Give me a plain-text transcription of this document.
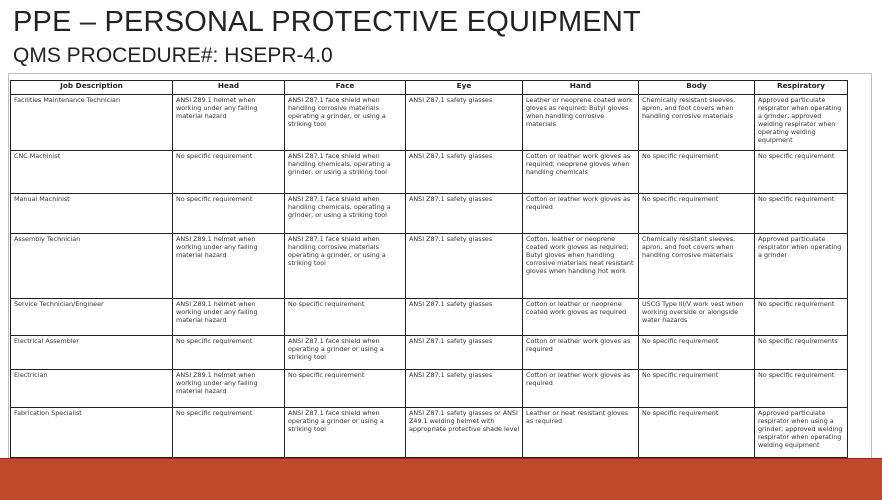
PPE – PERSONAL PROTECTIVE EQUIPMENT
QMS PROCEDURE#: HSEPR-4.0
Job Description	Head	Face	Eye	Hand	Body	Respiratory
Facilities Maintenance Technician	ANSI Z89.1 helmet when working under any falling material hazard	ANSI Z87.1 face shield when handling corrosive materials operating a grinder, or using a striking tool	ANSI Z87.1 safety glasses	Leather or neoprene coated work gloves as required; Butyl gloves when handling corrosive materials	Chemically resistant sleeves, apron, and foot covers when handling corrosive materials	Approved particulate respirator when operating a grinder; approved welding respirator when operating welding equipment
CNC Machinist	No specific requirement	ANSI Z87.1 face shield when handling chemicals, operating a grinder, or using a striking tool	ANSI Z87.1 safety glasses	Cotton or leather work gloves as required; neoprene gloves when handling chemicals	No specific requirement	No specific requirement
Manual Machinist	No specific requirement	ANSI Z87.1 face shield when handling chemicals, operating a grinder, or using a striking tool	ANSI Z87.1 safety glasses	Cotton or leather work gloves as required	No specific requirement	No specific requirement
Assembly Technician	ANSI Z89.1 helmet when working under any falling material hazard	ANSI Z87.1 face shield when handling corrosive materials operating a grinder, or using a striking tool	ANSI Z87.1 safety glasses	Cotton, leather or neoprene coated work gloves as required; Butyl gloves when handling corrosive materials heat resistant gloves when handling hot work	Chemically resistant sleeves, apron, and foot covers when handling corrosive materials	Approved particulate respirator when operating a grinder
Service Technician/Engineer	ANSI Z89.1 helmet when working under any falling material hazard	No specific requirement	ANSI Z87.1 safety glasses	Cotton or leather or neoprene coated work gloves as required	USCG Type III/V work vest when working overside or alongside water hazards	No specific requirement
Electrical Assembler	No specific requirement	ANSI Z87.1 face shield when operating a grinder or using a striking tool	ANSI Z87.1 safety glasses	Cotton or leather work gloves as required	No specific requirement	No specific requirements
Electrician	ANSI Z89.1 helmet when working under any falling material hazard	No specific requirement	ANSI Z87.1 safety glasses	Cotton or leather work gloves as required	No specific requirement	No specific requirement
Fabrication Specialist	No specific requirement	ANSI Z87.1 face shield when operating a grinder or using a striking tool	ANSI Z87.1 safety glasses or ANSI Z49.1 welding helmet with appropriate protective shade level	Leather or heat resistant gloves as required	No specific requirement	Approved particulate respirator when using a grinder; approved welding respirator when operating welding equipment
